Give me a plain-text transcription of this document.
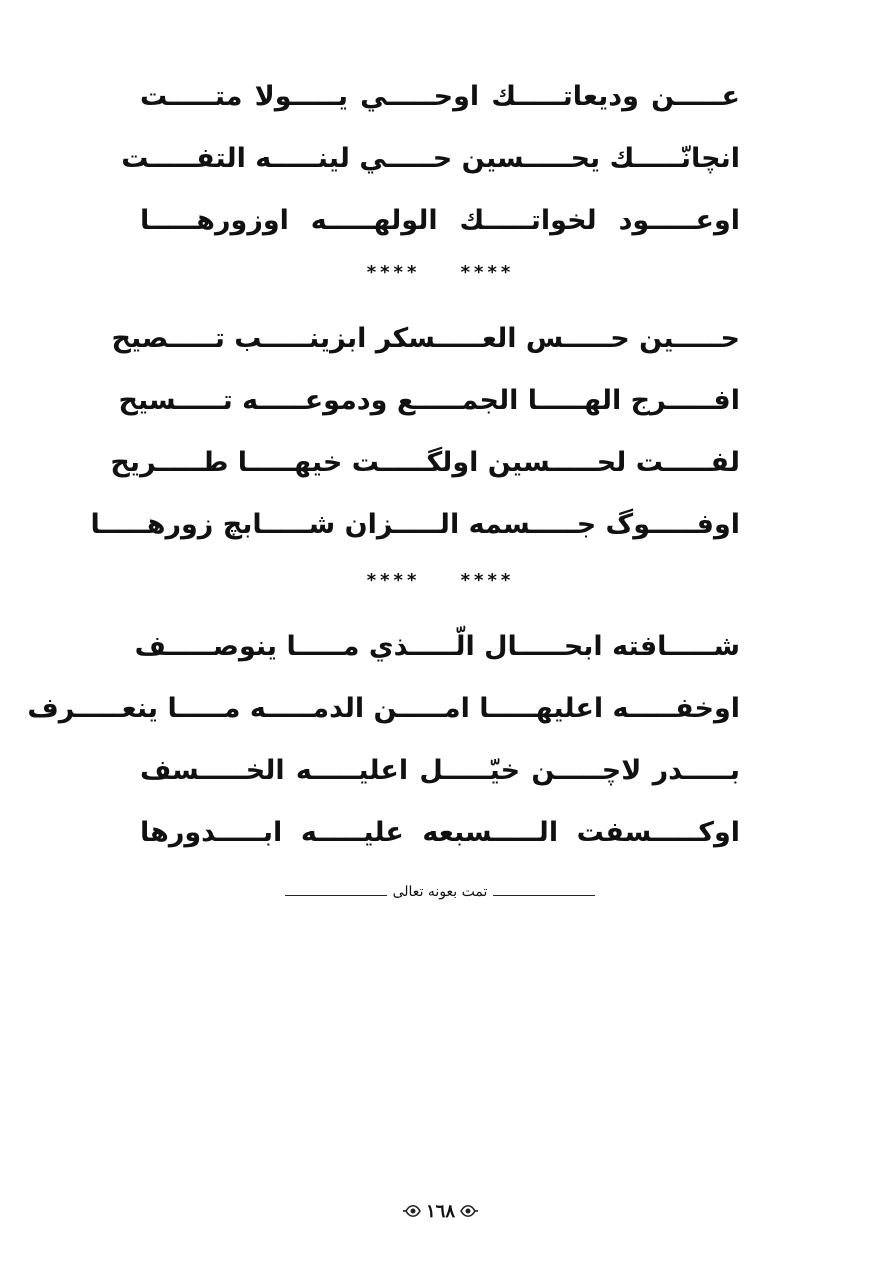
عـــــن وديعاتـــــك اوحـــــي يـــــولا متـــــت
انچانّـــــك يحـــــسين حـــــي لينـــــه التفـــــت
اوعـــــود لخواتـــــك الولهـــــه اوزورهـــــا
**** ****
حـــــين حـــــس العـــــسكر ابزينـــــب تـــــصيح
افـــــرج الهـــــا الجمـــــع ودموعـــــه تـــــسيح
لفـــــت لحـــــسين اولگـــــت خيهـــــا طـــــريح
اوفـــــوگ جـــــسمه الـــــزان شـــــابچ زورهـــــا
**** ****
شـــــافته ابحـــــال الّـــــذي مـــــا ينوصـــــف
اوخفـــــه اعليهـــــا امـــــن الدمـــــه مـــــا ينعـــــرف
بـــــدر لاچـــــن خيّـــــل اعليـــــه الخـــــسف
اوكـــــسفت الـــــسبعه عليـــــه ابـــــدورها
تمت بعونه تعالى
١٦٨
